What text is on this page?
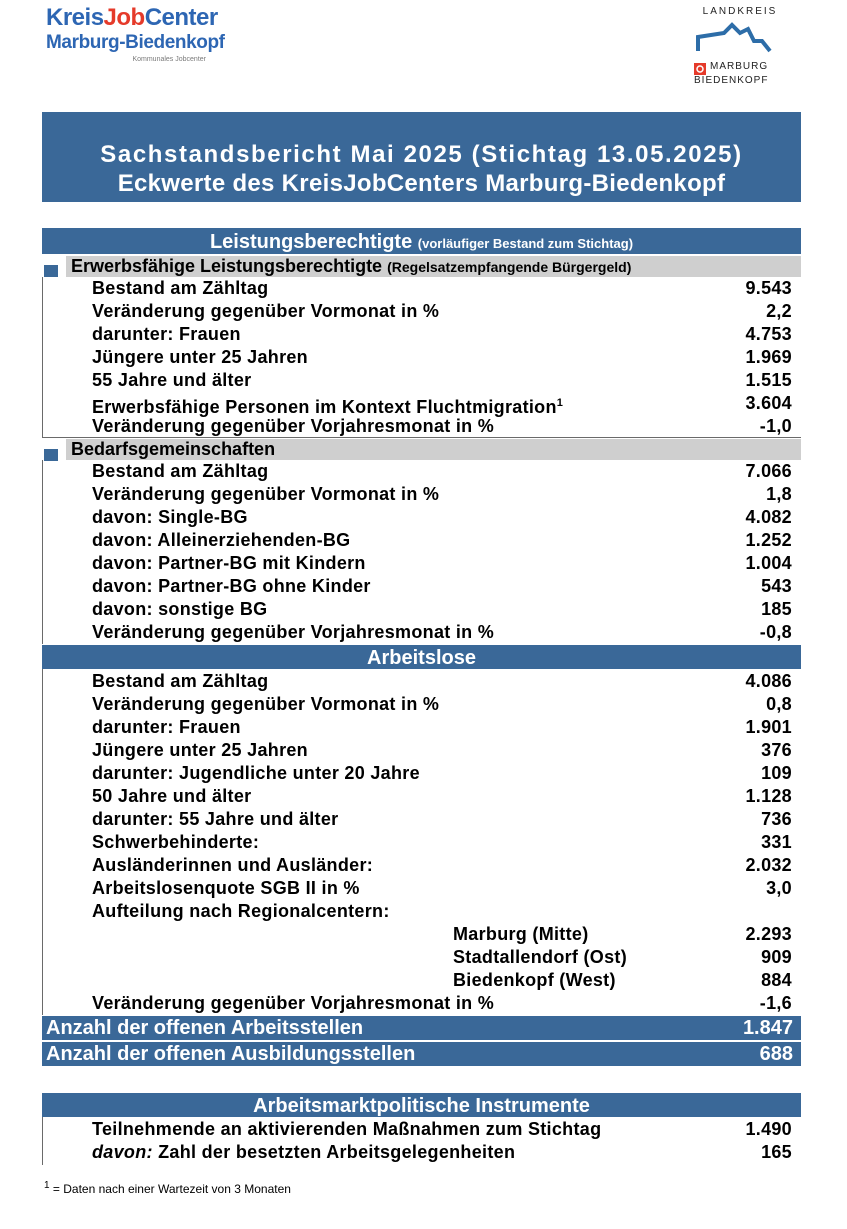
KreisJobCenter
Marburg-Biedenkopf
Kommunales Jobcenter
LANDKREIS
MARBURG
BIEDENKOPF
Sachstandsbericht Mai 2025 (Stichtag 13.05.2025)
Eckwerte des KreisJobCenters Marburg-Biedenkopf
Leistungsberechtigte (vorläufiger Bestand zum Stichtag)
Erwerbsfähige Leistungsberechtigte (Regelsatzempfangende Bürgergeld)
Bestand am Zähltag	9.543
Veränderung gegenüber Vormonat in %	2,2
darunter: Frauen	4.753
Jüngere unter 25 Jahren	1.969
55 Jahre und älter	1.515
Erwerbsfähige Personen im Kontext Fluchtmigration$^1$	3.604
Veränderung gegenüber Vorjahresmonat in %	-1,0
Bedarfsgemeinschaften
Bestand am Zähltag	7.066
Veränderung gegenüber Vormonat in %	1,8
davon: Single-BG	4.082
davon: Alleinerziehenden-BG	1.252
davon: Partner-BG mit Kindern	1.004
davon: Partner-BG ohne Kinder	543
davon: sonstige BG	185
Veränderung gegenüber Vorjahresmonat in %	-0,8
Arbeitslose
Bestand am Zähltag	4.086
Veränderung gegenüber Vormonat in %	0,8
darunter: Frauen	1.901
Jüngere unter 25 Jahren	376
darunter: Jugendliche unter 20 Jahre	109
50 Jahre und älter	1.128
darunter: 55 Jahre und älter	736
Schwerbehinderte:	331
Ausländerinnen und Ausländer:	2.032
Arbeitslosenquote SGB II in %	3,0
Aufteilung nach Regionalcentern:
Marburg (Mitte)	2.293
Stadtallendorf (Ost)	909
Biedenkopf (West)	884
Veränderung gegenüber Vorjahresmonat in %	-1,6
Anzahl der offenen Arbeitsstellen	1.847
Anzahl der offenen Ausbildungsstellen	688
Arbeitsmarktpolitische Instrumente
Teilnehmende an aktivierenden Maßnahmen zum Stichtag	1.490
davon: Zahl der besetzten Arbeitsgelegenheiten	165
$^1$ = Daten nach einer Wartezeit von 3 Monaten
